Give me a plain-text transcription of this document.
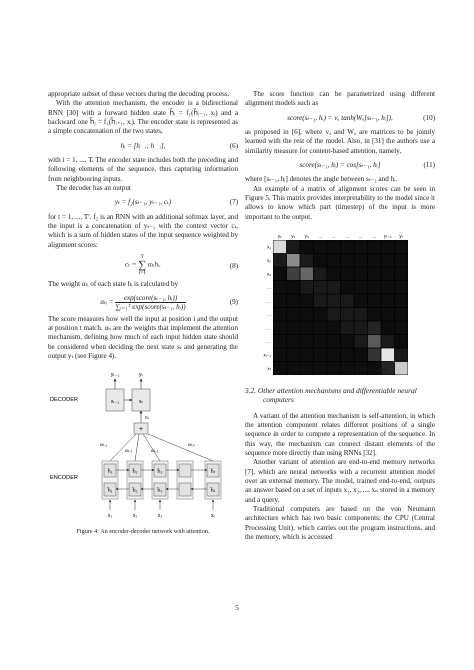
appropriate subset of these vectors during the decoding process.

With the attention mechanism, the encoder is a bidirectional RNN [30] with a forward hidden state h⃗ᵢ = f₁(h⃗ᵢ₋₁, xᵢ) and a backward one h⃖ᵢ = f₁(h⃖ᵢ₊₁, xᵢ). The encoder state is represented as a simple concatenation of the two states,

hᵢ = [h⃗ᵢ; h⃖ᵢ],	(6)

with i = 1, ..., T. The encoder state includes both the preceding and following elements of the sequence, thus capturing information from neighbouring inputs.

The decoder has an output

yₜ = f₂(sₜ₋₁, yₜ₋₁, cₜ)	(7)

for t = 1, ..., T′. f₂ is an RNN with an additional softmax layer, and the input is a concatenation of yₜ₋₁ with the context vector cₜ, which is a sum of hidden states of the input sequence weighted by alignment scores:

cₜ =
T
∑
i=1
αₜᵢhᵢ.	(8)

The weight αₜᵢ of each state hᵢ is calculated by

αₜᵢ = $\frac{\text{exp(score(sₜ₋₁, hᵢ))}}{\text{∑ᵢ₌₁ᵀ exp(score(sₜ₋₁, hᵢ))}}$	(9)

The score measures how well the input at position i and the output at position t match. αₜᵢ are the weights that implement the attention mechanism, defining how much of each input hidden state should be considered when deciding the next state sₜ and generating the output yₜ (see Figure 4).

DECODER	sₜ₋₁	sₜ
yₜ₋₁	yₜ
cₜ
+
αₜ,₁
αₜ,₂	αₜ,₃
αₜ,ₜ
ENCODER
h⃗₁
h⃖₁
h⃗₂
h⃖₂
h⃗₃
h⃖₃
h⃗ₜ
h⃖ₜ
x₁	x₂	x₃	xₜ
Figure 4: An encoder-decoder network with attention.

The score function can be parametrized using different alignment models such as

score(sₜ₋₁, hᵢ) = vₐ tanh(Wₐ[sₜ₋₁, hᵢ]),	(10)

as proposed in [6], where vₐ and Wₐ are matrices to be jointly learned with the rest of the model. Also, in [31] the authors use a similarity measure for content-based attention, namely,

score(sₜ₋₁, hᵢ) = cos[sₜ₋₁, hᵢ]	(11)

where [sₜ₋₁, hᵢ] denotes the angle between sₜ₋₁ and hᵢ.

An example of a matrix of alignment scores can be seen in Figure 5. This matrix provides interpretability to the model since it allows to know which part (timestep) of the input is more important to the output.

y₁ y₂ y₃ ... ... ... ... ... yₜ₋₁ yₜ
x₁
x₂
x₃
...
...
...
...
...
xₜ₋₁
xₜ	Figure 5: A matrix of alignment scores.
3.2. Other attention mechanisms and differentiable neural computers

A variant of the attention mechanism is self-attention, in which the attention component relates different positions of a single sequence in order to compute a representation of the sequence. In this way, the mechanism can connect distant elements of the sequence more directly than using RNNs [32].

Another variant of attention are end-to-end memory networks [7], which are neural networks with a recurrent attention model over an external memory. The model, trained end-to-end, outputs an answer based on a set of inputs x₁, x₂, ..., xₙ stored in a memory and a query.

Traditional computers are based on the von Neumann architecture which has two basic components: the CPU (Central Processing Unit), which carries out the program instructions, and the memory, which is accessed

5
